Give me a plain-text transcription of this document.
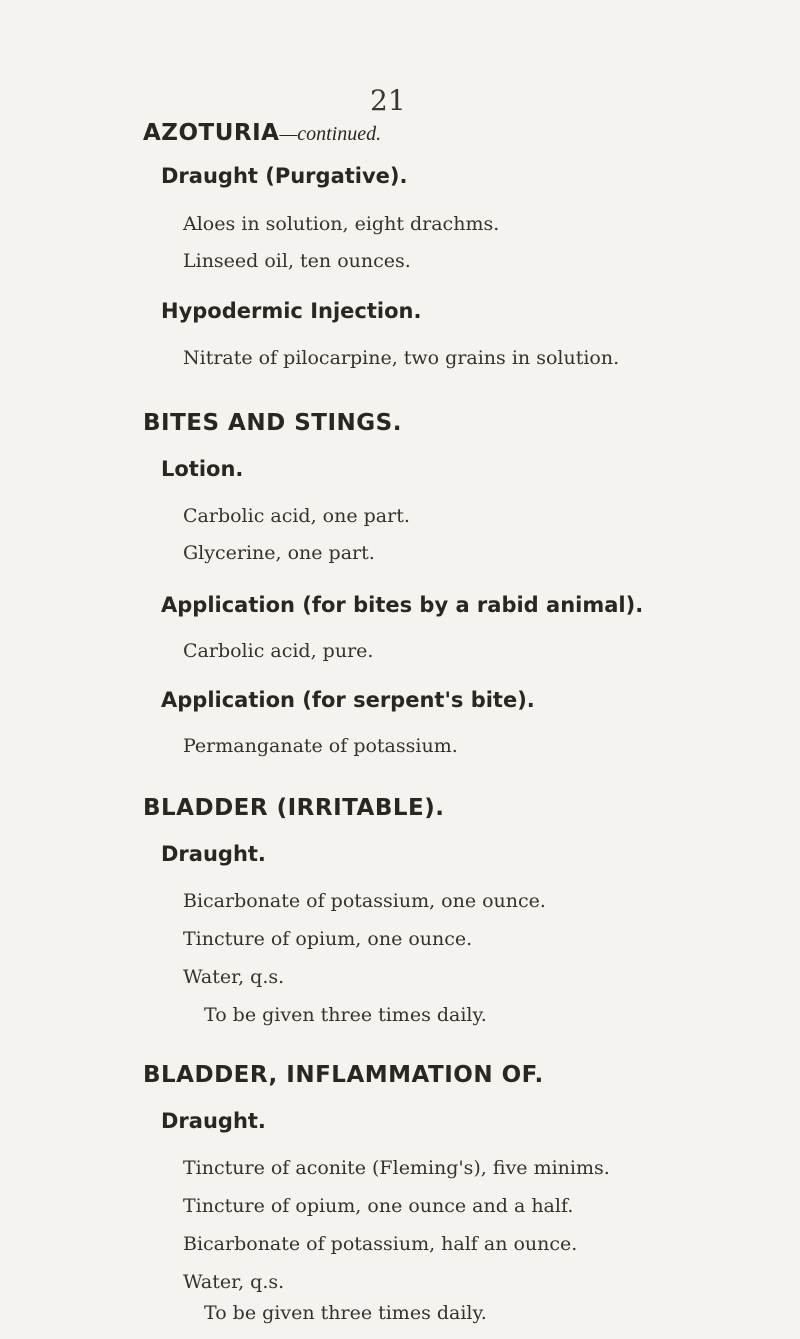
21
AZOTURIA—continued.
Draught (Purgative).
Aloes in solution, eight drachms.
Linseed oil, ten ounces.
Hypodermic Injection.
Nitrate of pilocarpine, two grains in solution.
BITES AND STINGS.
Lotion.
Carbolic acid, one part.
Glycerine, one part.
Application (for bites by a rabid animal).
Carbolic acid, pure.
Application (for serpent's bite).
Permanganate of potassium.
BLADDER (IRRITABLE).
Draught.
Bicarbonate of potassium, one ounce.
Tincture of opium, one ounce.
Water, q.s.
To be given three times daily.
BLADDER, INFLAMMATION OF.
Draught.
Tincture of aconite (Fleming's), five minims.
Tincture of opium, one ounce and a half.
Bicarbonate of potassium, half an ounce.
Water, q.s.
To be given three times daily.
